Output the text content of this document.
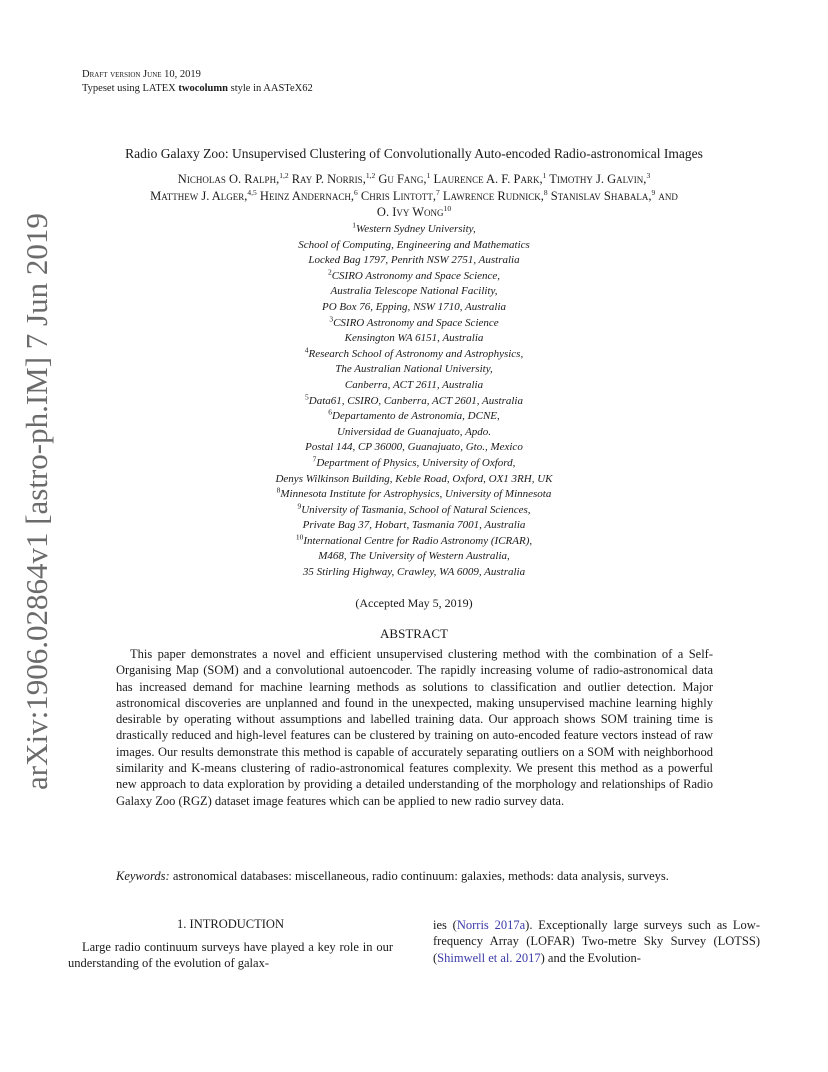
Draft version June 10, 2019
Typeset using LATEX twocolumn style in AASTeX62
arXiv:1906.02864v1 [astro-ph.IM] 7 Jun 2019
Radio Galaxy Zoo: Unsupervised Clustering of Convolutionally Auto-encoded Radio-astronomical Images
Nicholas O. Ralph,$^{1,2}$ Ray P. Norris,$^{1,2}$ Gu Fang,$^1$ Laurence A. F. Park,$^1$ Timothy J. Galvin,$^3$
Matthew J. Alger,$^{4,5}$ Heinz Andernach,$^6$ Chris Lintott,$^7$ Lawrence Rudnick,$^8$ Stanislav Shabala,$^9$ and
O. Ivy Wong$^{10}$
$^1$Western Sydney University,
School of Computing, Engineering and Mathematics
Locked Bag 1797, Penrith NSW 2751, Australia
$^2$CSIRO Astronomy and Space Science,
Australia Telescope National Facility,
PO Box 76, Epping, NSW 1710, Australia
$^3$CSIRO Astronomy and Space Science
Kensington WA 6151, Australia
$^4$Research School of Astronomy and Astrophysics,
The Australian National University,
Canberra, ACT 2611, Australia
$^5$Data61, CSIRO, Canberra, ACT 2601, Australia
$^6$Departamento de Astronomía, DCNE,
Universidad de Guanajuato, Apdo.
Postal 144, CP 36000, Guanajuato, Gto., Mexico
$^7$Department of Physics, University of Oxford,
Denys Wilkinson Building, Keble Road, Oxford, OX1 3RH, UK
$^8$Minnesota Institute for Astrophysics, University of Minnesota
$^9$University of Tasmania, School of Natural Sciences,
Private Bag 37, Hobart, Tasmania 7001, Australia
$^{10}$International Centre for Radio Astronomy (ICRAR),
M468, The University of Western Australia,
35 Stirling Highway, Crawley, WA 6009, Australia
(Accepted May 5, 2019)
ABSTRACT

This paper demonstrates a novel and efficient unsupervised clustering method with the combination of a Self-Organising Map (SOM) and a convolutional autoencoder. The rapidly increasing volume of radio-astronomical data has increased demand for machine learning methods as solutions to classification and outlier detection. Major astronomical discoveries are unplanned and found in the unexpected, making unsupervised machine learning highly desirable by operating without assumptions and labelled training data. Our approach shows SOM training time is drastically reduced and high-level features can be clustered by training on auto-encoded feature vectors instead of raw images. Our results demonstrate this method is capable of accurately separating outliers on a SOM with neighborhood similarity and K-means clustering of radio-astronomical features complexity. We present this method as a powerful new approach to data exploration by providing a detailed understanding of the morphology and relationships of Radio Galaxy Zoo (RGZ) dataset image features which can be applied to new radio survey data.

Keywords: astronomical databases: miscellaneous, radio continuum: galaxies, methods: data analysis, surveys.
1. INTRODUCTION

Large radio continuum surveys have played a key role in our understanding of the evolution of galax-

ies (Norris 2017a). Exceptionally large surveys such as Low-frequency Array (LOFAR) Two-metre Sky Survey (LOTSS) (Shimwell et al. 2017) and the Evolution-
